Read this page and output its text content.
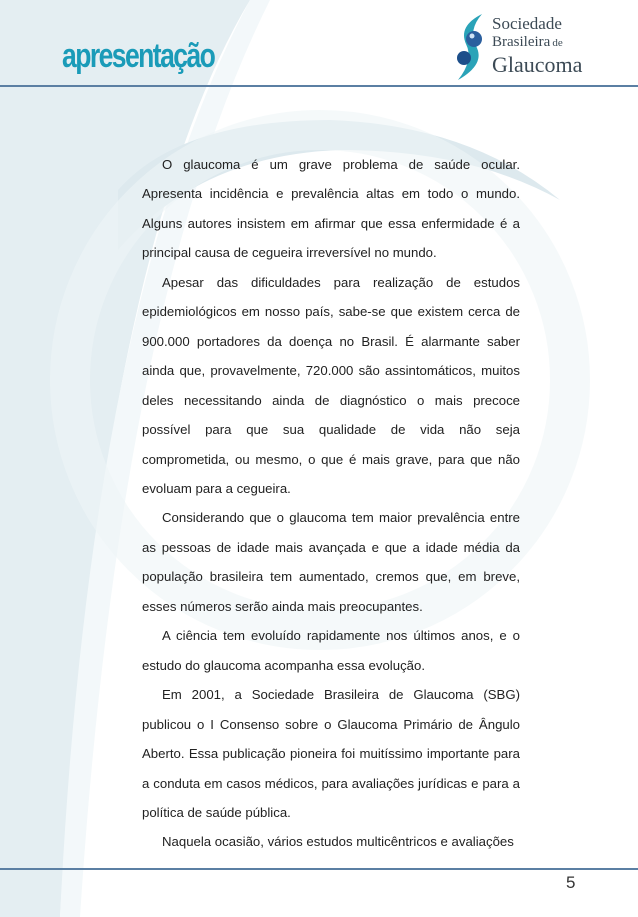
apresentação
Sociedade
Brasileira de
Glaucoma

O glaucoma é um grave problema de saúde ocular. Apresenta incidência e prevalência altas em todo o mundo. Alguns autores insistem em afirmar que essa enfermidade é a principal causa de cegueira irreversível no mundo.

Apesar das dificuldades para realização de estudos epidemiológicos em nosso país, sabe-se que existem cerca de 900.000 portadores da doença no Brasil. É alarmante saber ainda que, provavelmente, 720.000 são assintomáticos, muitos deles necessitando ainda de diagnóstico o mais precoce possível para que sua qualidade de vida não seja comprometida, ou mesmo, o que é mais grave, para que não evoluam para a cegueira.

Considerando que o glaucoma tem maior prevalência entre as pessoas de idade mais avançada e que a idade média da população brasileira tem aumentado, cremos que, em breve, esses números serão ainda mais preocupantes.

A ciência tem evoluído rapidamente nos últimos anos, e o estudo do glaucoma acompanha essa evolução.

Em 2001, a Sociedade Brasileira de Glaucoma (SBG) publicou o I Consenso sobre o Glaucoma Primário de Ângulo Aberto. Essa publicação pioneira foi muitíssimo importante para a conduta em casos médicos, para avaliações jurídicas e para a política de saúde pública.

Naquela ocasião, vários estudos multicêntricos e avaliações

5
